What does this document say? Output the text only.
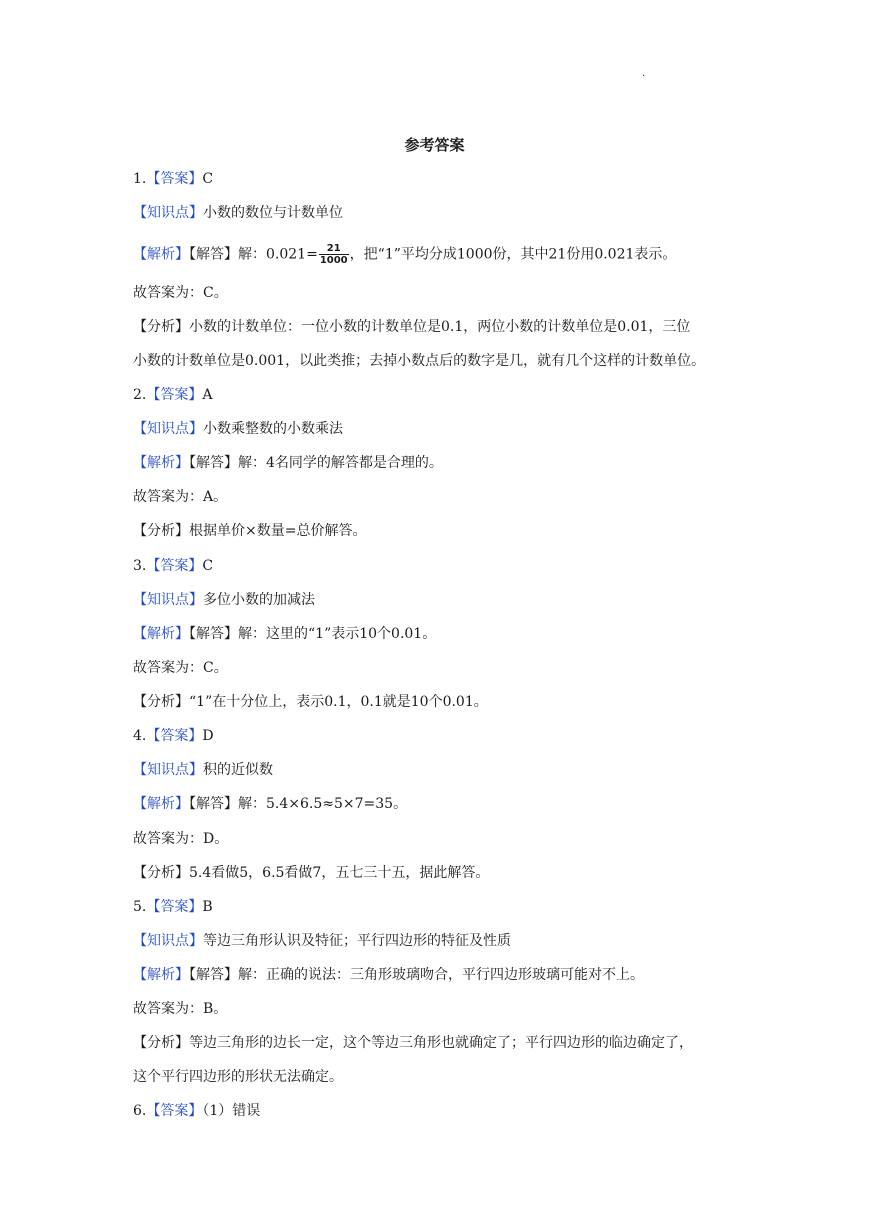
.
参考答案
1.【答案】C
【知识点】小数的数位与计数单位
【解析】【解答】解：$0.021= \frac{21}{1000}$ ，把“1”平均分成1000份，其中21份用0.021表示。
故答案为：C。
【分析】小数的计数单位：一位小数的计数单位是0.1，两位小数的计数单位是0.01，三位
小数的计数单位是0.001，以此类推；去掉小数点后的数字是几，就有几个这样的计数单位。
2.【答案】A
【知识点】小数乘整数的小数乘法
【解析】【解答】解：4名同学的解答都是合理的。
故答案为：A。
【分析】根据单价×数量=总价解答。
3.【答案】C
【知识点】多位小数的加减法
【解析】【解答】解：这里的“1”表示10个0.01。
故答案为：C。
【分析】“1”在十分位上，表示0.1，0.1就是10个0.01。
4.【答案】D
【知识点】积的近似数
【解析】【解答】解：5.4×6.5≈5×7=35。
故答案为：D。
【分析】5.4看做5，6.5看做7，五七三十五，据此解答。
5.【答案】B
【知识点】等边三角形认识及特征；平行四边形的特征及性质
【解析】【解答】解：正确的说法：三角形玻璃吻合，平行四边形玻璃可能对不上。
故答案为：B。
【分析】等边三角形的边长一定，这个等边三角形也就确定了；平行四边形的临边确定了，
这个平行四边形的形状无法确定。
6.【答案】（1）错误
